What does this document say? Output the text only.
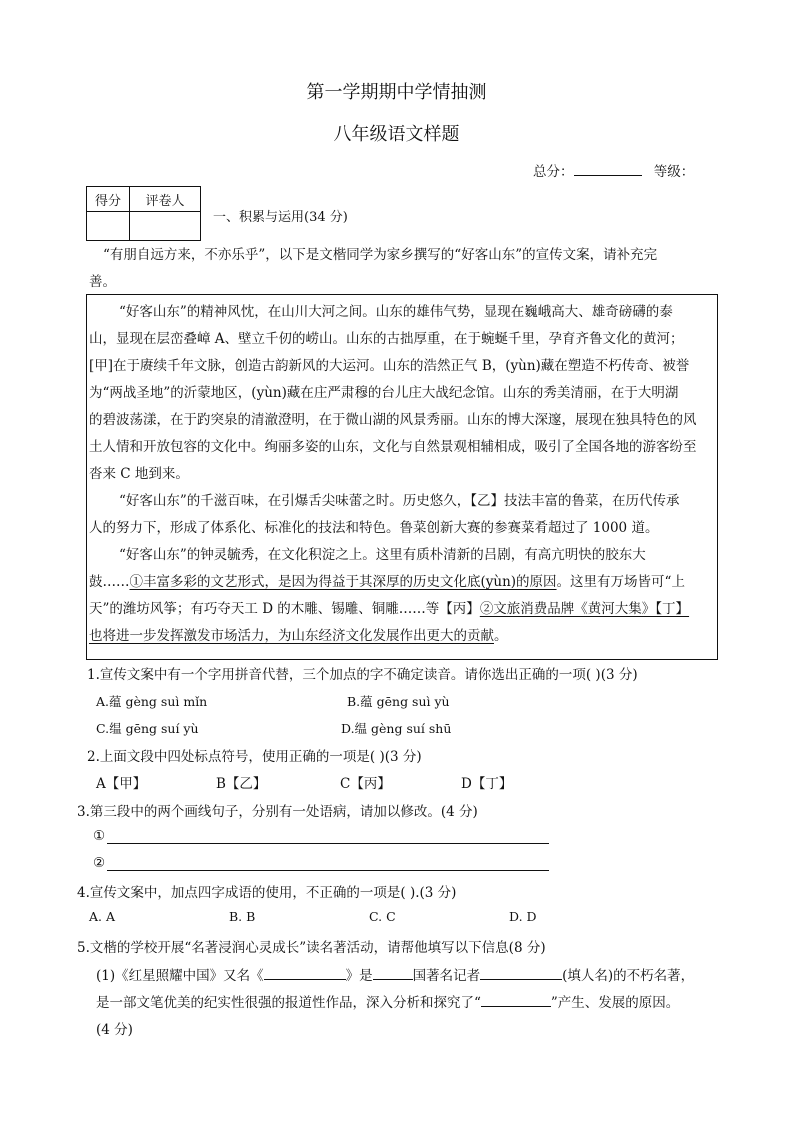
第一学期期中学情抽测
八年级语文样题
总分：	等级：
得分	评卷人

一、积累与运用(34 分)
“有朋自远方来，不亦乐乎”，以下是文楷同学为家乡撰写的“好客山东”的宣传文案，请补充完
善。
“好客山东”的精神风忱，在山川大河之间。山东的雄伟气势，显现在巍峨高大、雄奇磅礴的泰
山，显现在层峦叠嶂 A、壁立千仞的崂山。山东的古拙厚重，在于蜿蜒千里，孕育齐鲁文化的黄河；
[甲]在于赓续千年文脉，创造古韵新风的大运河。山东的浩然正气 B，(yùn)藏在塑造不朽传奇、被誉
为“两战圣地”的沂蒙地区，(yùn)藏在庄严肃穆的台儿庄大战纪念馆。山东的秀美清丽，在于大明湖
的碧波荡漾，在于趵突泉的清澈澄明，在于微山湖的风景秀丽。山东的博大深邃，展现在独具特色的风
土人情和开放包容的文化中。绚丽多姿的山东，文化与自然景观相辅相成，吸引了全国各地的游客纷至
沓来 C 地到来。
“好客山东”的千滋百味，在引爆舌尖味蕾之时。历史悠久，【乙】技法丰富的鲁菜，在历代传承
人的努力下，形成了体系化、标准化的技法和特色。鲁菜创新大赛的参赛菜肴超过了 1000 道。
“好客山东”的钟灵毓秀，在文化积淀之上。这里有质朴清新的吕剧，有高亢明快的胶东大
鼓……①丰富多彩的文艺形式，是因为得益于其深厚的历史文化底(yùn)的原因。这里有万场皆可“上
天”的潍坊风筝；有巧夺天工 D 的木雕、锡雕、铜雕……等【丙】②文旅消费品牌《黄河大集》【丁】
也将进一步发挥激发市场活力，为山东经济文化发展作出更大的贡献。
1.宣传文案中有一个字用拼音代替，三个加点的字不确定读音。请你选出正确的一项( )(3 分)
A.蕴 gèng suì mǐn	B.蕴 gēng suì yù
C.缊 gēng suí yù	D.缊 gèng suí shū
2.上面文段中四处标点符号，使用正确的一项是( )(3 分)
A【甲】	B【乙】	C【丙】	D【丁】
3.第三段中的两个画线句子，分别有一处语病，请加以修改。(4 分)
①
②
4.宣传文案中，加点四字成语的使用，不正确的一项是( ).(3 分)
A. A	B. B	C. C	D. D
5.文楷的学校开展“名著浸润心灵成长”读名著活动，请帮他填写以下信息(8 分)
(1)《红星照耀中国》又名《	》是	国著名记者	(填人名)的不朽名著，
是一部文笔优美的纪实性很强的报道性作品，深入分析和探究了“	”产生、发展的原因。
(4 分)
